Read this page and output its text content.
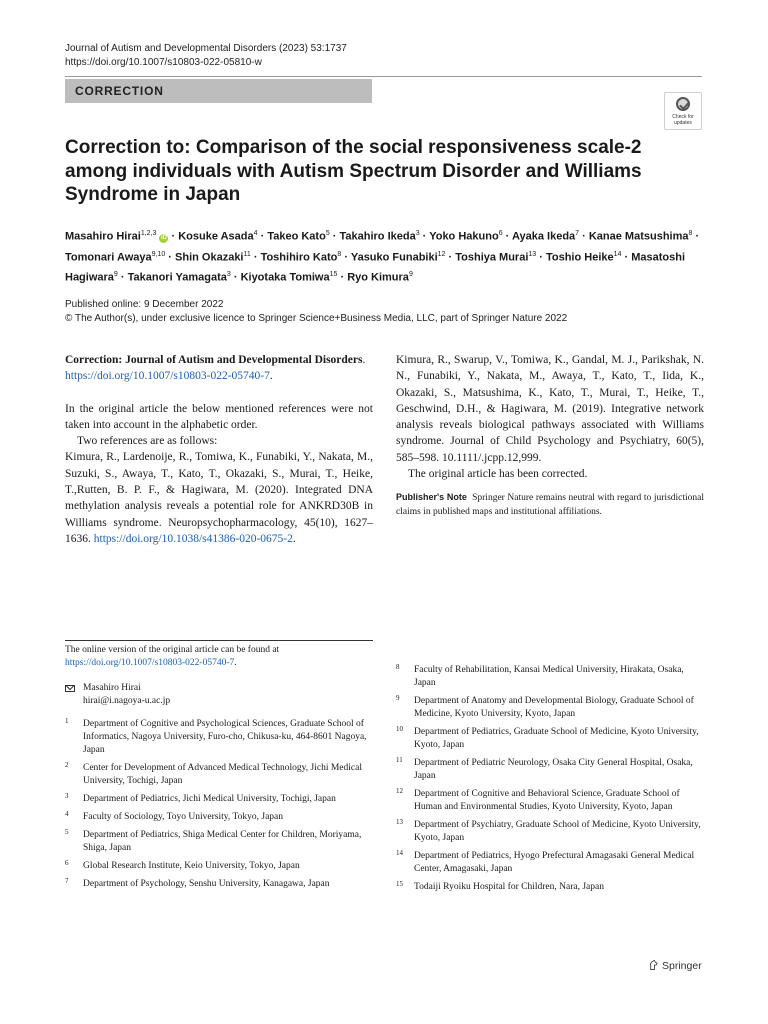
Journal of Autism and Developmental Disorders (2023) 53:1737
https://doi.org/10.1007/s10803-022-05810-w
CORRECTION
Check for updates
Correction to: Comparison of the social responsiveness scale-2 among individuals with Autism Spectrum Disorder and Williams Syndrome in Japan
Masahiro Hirai$^{1,2,3}$ iD · Kosuke Asada$^4$ · Takeo Kato$^5$ · Takahiro Ikeda$^3$ · Yoko Hakuno$^6$ · Ayaka Ikeda$^7$ · Kanae Matsushima$^8$ · Tomonari Awaya$^{9,10}$ · Shin Okazaki$^{11}$ · Toshihiro Kato$^8$ · Yasuko Funabiki$^{12}$ · Toshiya Murai$^{13}$ · Toshio Heike$^{14}$ · Masatoshi Hagiwara$^9$ · Takanori Yamagata$^3$ · Kiyotaka Tomiwa$^{15}$ · Ryo Kimura$^9$
Published online: 9 December 2022
© The Author(s), under exclusive licence to Springer Science+Business Media, LLC, part of Springer Nature 2022

Correction: Journal of Autism and Developmental Disorders.
https://doi.org/10.1007/s10803-022-05740-7.

In the original article the below mentioned references were not taken into account in the alphabetic order.

Two references are as follows:

Kimura, R., Lardenoije, R., Tomiwa, K., Funabiki, Y., Nakata, M., Suzuki, S., Awaya, T., Kato, T., Okazaki, S., Murai, T., Heike, T.,Rutten, B. P. F., & Hagiwara, M. (2020). Integrated DNA methylation analysis reveals a potential role for ANKRD30B in Williams syndrome. Neuropsychopharmacology, 45(10), 1627–1636. https://doi.org/10.1038/s41386-020-0675-2.

Kimura, R., Swarup, V., Tomiwa, K., Gandal, M. J., Parikshak, N. N., Funabiki, Y., Nakata, M., Awaya, T., Kato, T., Iida, K., Okazaki, S., Matsushima, K., Kato, T., Murai, T., Heike, T., Geschwind, D.H., & Hagiwara, M. (2019). Integrative network analysis reveals biological pathways associated with Williams syndrome. Journal of Child Psychology and Psychiatry, 60(5), 585–598. 10.1111/.jcpp.12,999.

The original article has been corrected.

Publisher's Note Springer Nature remains neutral with regard to jurisdictional claims in published maps and institutional affiliations.

The online version of the original article can be found at https://doi.org/10.1007/s10803-022-05740-7.

Masahiro Hirai
hirai@i.nagoya-u.ac.jp
1 Department of Cognitive and Psychological Sciences, Graduate School of Informatics, Nagoya University, Furo-cho, Chikusa-ku, 464-8601 Nagoya, Japan
2 Center for Development of Advanced Medical Technology, Jichi Medical University, Tochigi, Japan
3 Department of Pediatrics, Jichi Medical University, Tochigi, Japan
4 Faculty of Sociology, Toyo University, Tokyo, Japan
5 Department of Pediatrics, Shiga Medical Center for Children, Moriyama, Shiga, Japan
6 Global Research Institute, Keio University, Tokyo, Japan
7 Department of Psychology, Senshu University, Kanagawa, Japan
8 Faculty of Rehabilitation, Kansai Medical University, Hirakata, Osaka, Japan
9 Department of Anatomy and Developmental Biology, Graduate School of Medicine, Kyoto University, Kyoto, Japan
10 Department of Pediatrics, Graduate School of Medicine, Kyoto University, Kyoto, Japan
11 Department of Pediatric Neurology, Osaka City General Hospital, Osaka, Japan
12 Department of Cognitive and Behavioral Science, Graduate School of Human and Environmental Studies, Kyoto University, Kyoto, Japan
13 Department of Psychiatry, Graduate School of Medicine, Kyoto University, Kyoto, Japan
14 Department of Pediatrics, Hyogo Prefectural Amagasaki General Medical Center, Amagasaki, Japan
15 Todaiji Ryoiku Hospital for Children, Nara, Japan
Springer
